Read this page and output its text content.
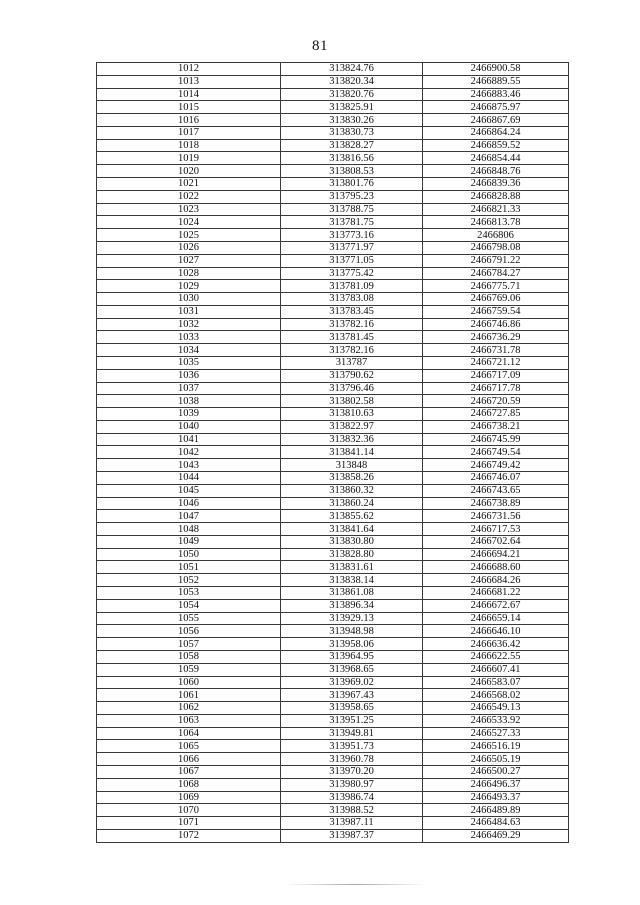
81
1012	313824.76	2466900.58
1013	313820.34	2466889.55
1014	313820.76	2466883.46
1015	313825.91	2466875.97
1016	313830.26	2466867.69
1017	313830.73	2466864.24
1018	313828.27	2466859.52
1019	313816.56	2466854.44
1020	313808.53	2466848.76
1021	313801.76	2466839.36
1022	313795.23	2466828.88
1023	313788.75	2466821.33
1024	313781.75	2466813.78
1025	313773.16	2466806
1026	313771.97	2466798.08
1027	313771.05	2466791.22
1028	313775.42	2466784.27
1029	313781.09	2466775.71
1030	313783.08	2466769.06
1031	313783.45	2466759.54
1032	313782.16	2466746.86
1033	313781.45	2466736.29
1034	313782.16	2466731.78
1035	313787	2466721.12
1036	313790.62	2466717.09
1037	313796.46	2466717.78
1038	313802.58	2466720.59
1039	313810.63	2466727.85
1040	313822.97	2466738.21
1041	313832.36	2466745.99
1042	313841.14	2466749.54
1043	313848	2466749.42
1044	313858.26	2466746.07
1045	313860.32	2466743.65
1046	313860.24	2466738.89
1047	313855.62	2466731.56
1048	313841.64	2466717.53
1049	313830.80	2466702.64
1050	313828.80	2466694.21
1051	313831.61	2466688.60
1052	313838.14	2466684.26
1053	313861.08	2466681.22
1054	313896.34	2466672.67
1055	313929.13	2466659.14
1056	313948.98	2466646.10
1057	313958.06	2466636.42
1058	313964.95	2466622.55
1059	313968.65	2466607.41
1060	313969.02	2466583.07
1061	313967.43	2466568.02
1062	313958.65	2466549.13
1063	313951.25	2466533.92
1064	313949.81	2466527.33
1065	313951.73	2466516.19
1066	313960.78	2466505.19
1067	313970.20	2466500.27
1068	313980.97	2466496.37
1069	313986.74	2466493.37
1070	313988.52	2466489.89
1071	313987.11	2466484.63
1072	313987.37	2466469.29
